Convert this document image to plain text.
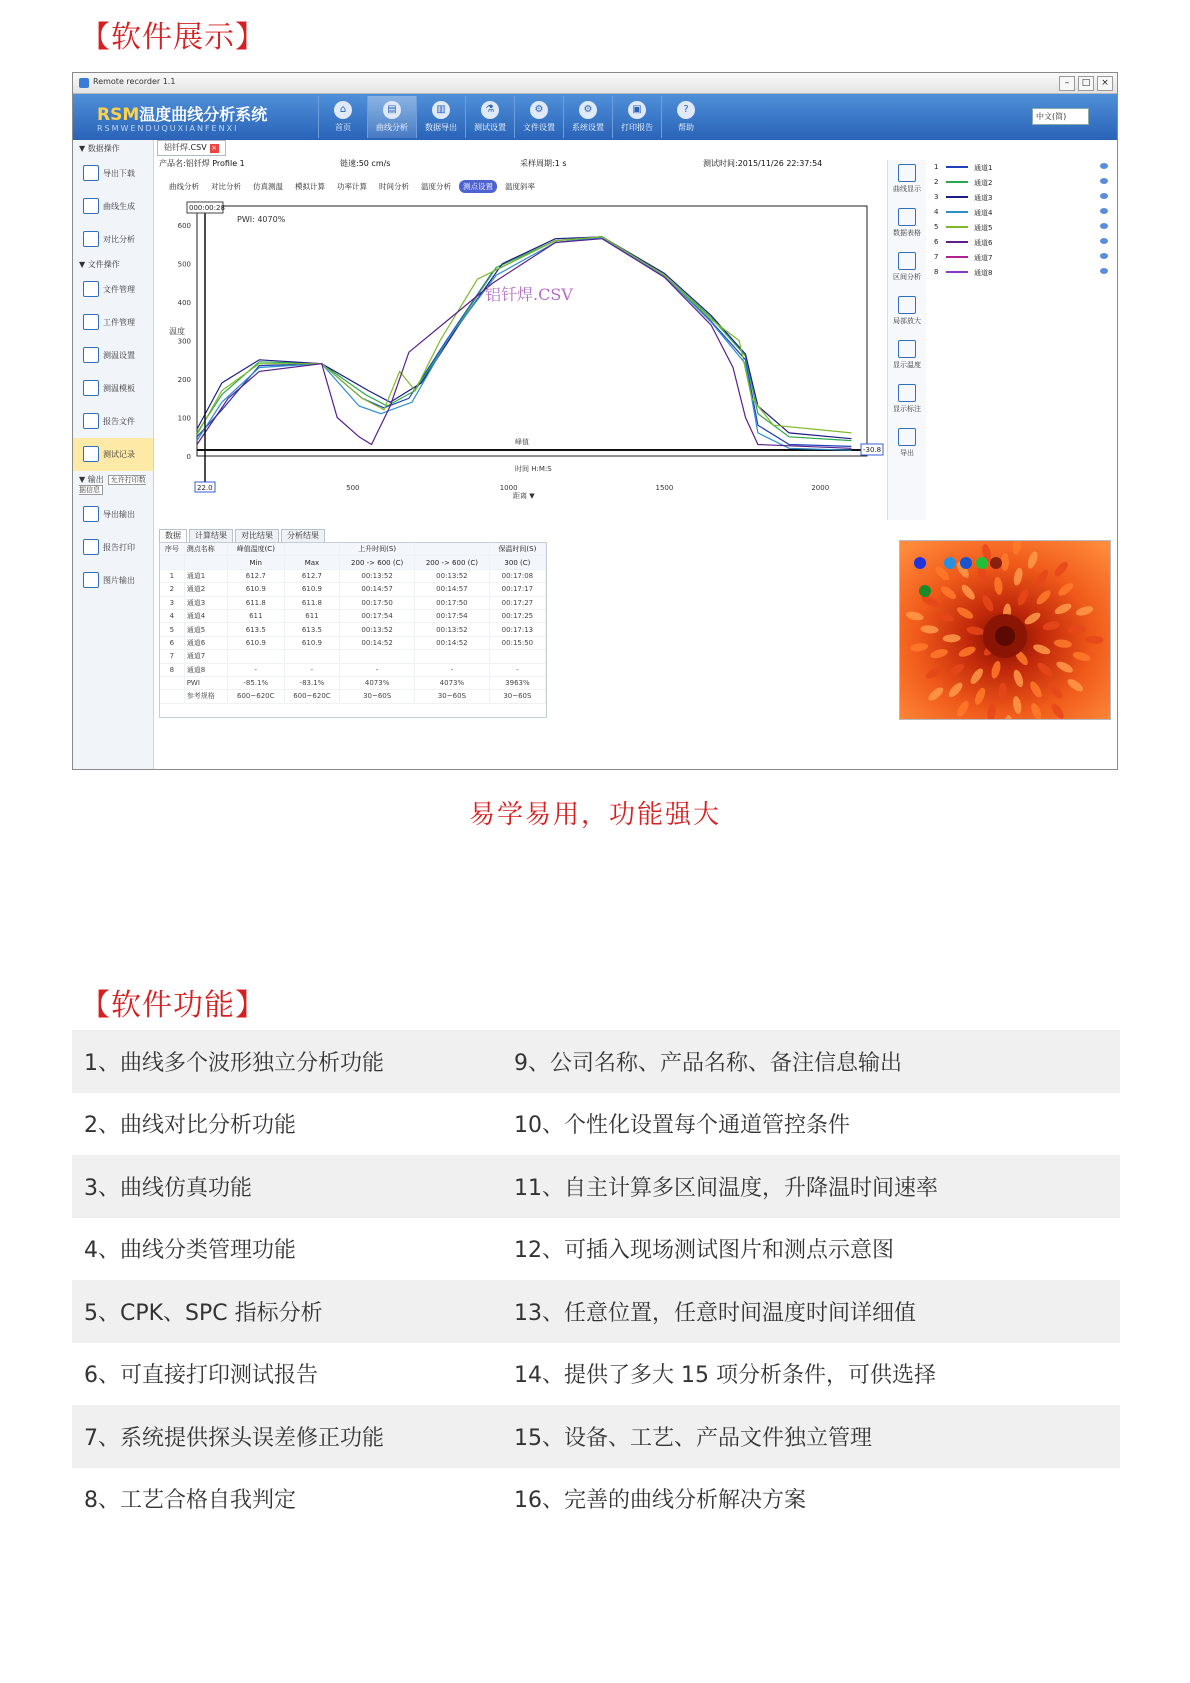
【软件展示】
Remote recorder 1.1	–	□	×
RSM温度曲线分析系统
RSMWENDUQUXIANFENXI
⌂
首页
▤
曲线分析
▥
数据导出
⚗
测试设置
⚙
文件设置
⚙
系统设置
▣
打印报告
?
帮助
中文(简)
▼ 数据操作
导出下载
曲线生成
对比分析
▼ 文件操作
文件管理
工件管理
测温设置
测温模板
报告文件
测试记录
▼ 输出 允许打印数据信息
导出输出
报告打印
图片输出
铝钎焊.CSV ×
产品名:铝钎焊 Profile 1	链速:50 cm/s	采样周期:1 s	测试时间:2015/11/26 22:37:54
曲线分析	对比分析	仿真测温	模拟计算	功率计算	时间分析	温度分析	测点设置	温度斜率
0
100
200
300
400
500
600
500	1000	1500	2000
温度
时间 H:M:S
距离 ▼
000:00:28
22.0
-30.8
PWI: 4070%
峰值
铝钎焊.CSV
曲线显示
数据表格
区间分析
局部放大
显示温度
显示标注
导出
1	通道1
2	通道2
3	通道3
4	通道4
5	通道5
6	通道6
7	通道7
8	通道8
数据	计算结果	对比结果	分析结果
序号	测点名称	峰值温度(C)		上升时间(S)		保温时间(S)
		Min	Max	200 -> 600 (C)	200 -> 600 (C)	300 (C)
1	通道1	612.7	612.7	00:13:52	00:13:52	00:17:08
2	通道2	610.9	610.9	00:14:57	00:14:57	00:17:17
3	通道3	611.8	611.8	00:17:50	00:17:50	00:17:27
4	通道4	611	611	00:17:54	00:17:54	00:17:25
5	通道5	613.5	613.5	00:13:52	00:13:52	00:17:13
6	通道6	610.9	610.9	00:14:52	00:14:52	00:15:50
7	通道7					
8	通道8	-	-	-	-	-
	PWI	-85.1%	-83.1%	4073%	4073%	3963%
	参考规格	600~620C	600~620C	30~60S	30~60S	30~60S
易学易用，功能强大
【软件功能】
1、曲线多个波形独立分析功能	9、公司名称、产品名称、备注信息输出
2、曲线对比分析功能	10、个性化设置每个通道管控条件
3、曲线仿真功能	11、自主计算多区间温度，升降温时间速率
4、曲线分类管理功能	12、可插入现场测试图片和测点示意图
5、CPK、SPC 指标分析	13、任意位置，任意时间温度时间详细值
6、可直接打印测试报告	14、提供了多大 15 项分析条件，可供选择
7、系统提供探头误差修正功能	15、设备、工艺、产品文件独立管理
8、工艺合格自我判定	16、完善的曲线分析解决方案
